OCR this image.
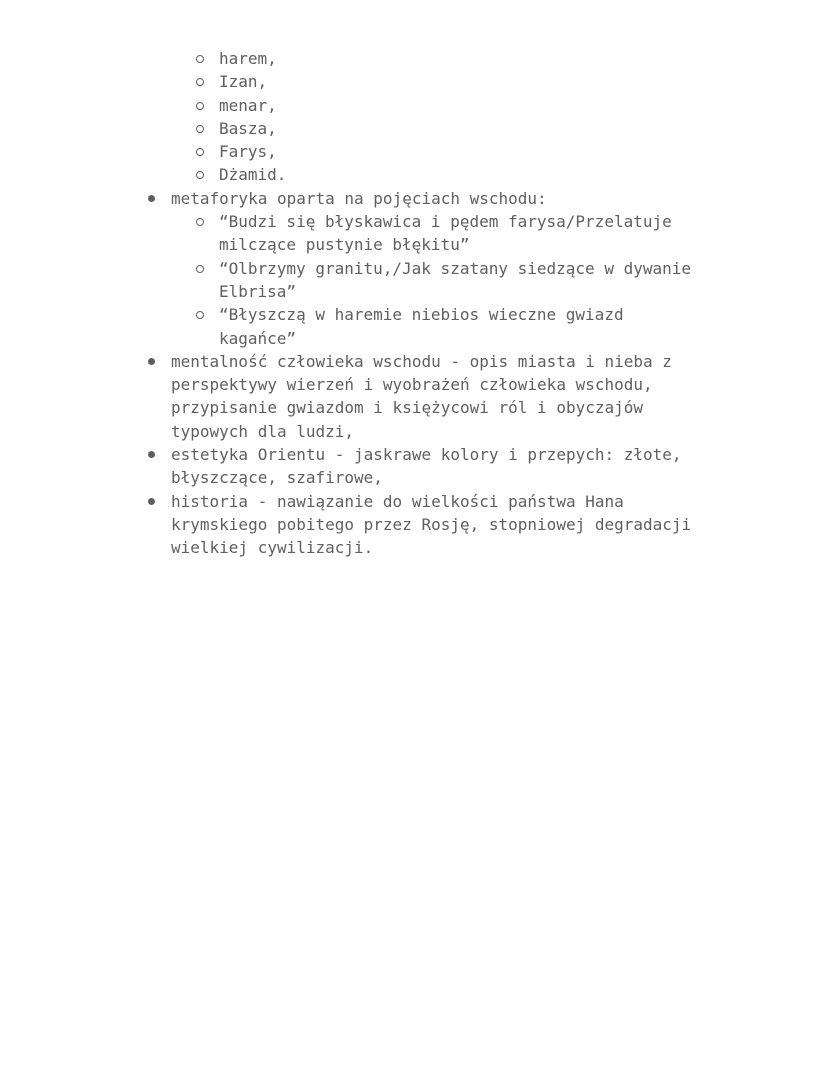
harem,

Izan,

menar,

Basza,

Farys,

Dżamid.

metaforyka oparta na pojęciach wschodu:

“Budzi się błyskawica i pędem farysa/Przelatuje

milczące pustynie błękitu”

“Olbrzymy granitu,/Jak szatany siedzące w dywanie

Elbrisa”

“Błyszczą w haremie niebios wieczne gwiazd

kagańce”

mentalność człowieka wschodu - opis miasta i nieba z

perspektywy wierzeń i wyobrażeń człowieka wschodu,

przypisanie gwiazdom i księżycowi ról i obyczajów

typowych dla ludzi,

estetyka Orientu - jaskrawe kolory i przepych: złote,

błyszczące, szafirowe,

historia - nawiązanie do wielkości państwa Hana

krymskiego pobitego przez Rosję, stopniowej degradacji

wielkiej cywilizacji.
